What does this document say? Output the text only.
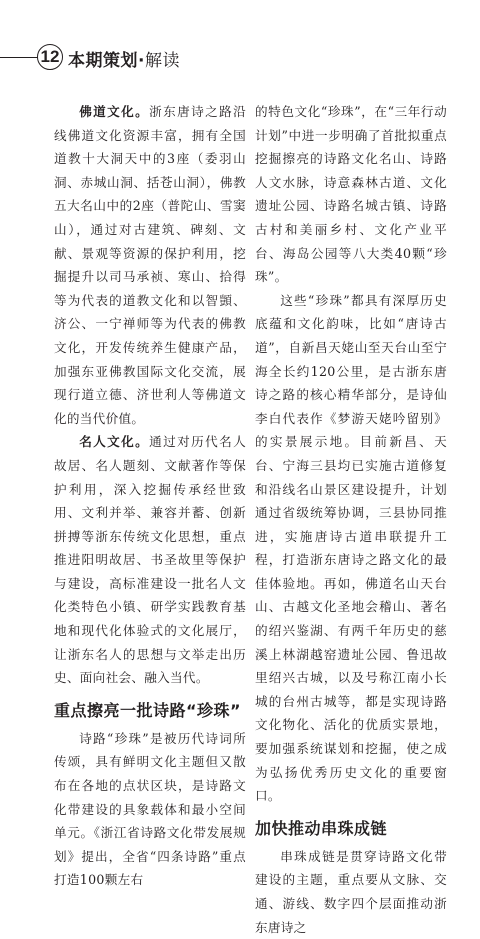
12 本期策划·解读

佛道文化。浙东唐诗之路沿线佛道文化资源丰富，拥有全国道教十大洞天中的3座（委羽山洞、赤城山洞、括苍山洞），佛教五大名山中的2座（普陀山、雪窦山），通过对古建筑、碑刻、文献、景观等资源的保护利用，挖掘提升以司马承祯、寒山、拾得等为代表的道教文化和以智顗、济公、一宁禅师等为代表的佛教文化，开发传统养生健康产品，加强东亚佛教国际文化交流，展现行道立德、济世利人等佛道文化的当代价值。

名人文化。通过对历代名人故居、名人题刻、文献著作等保护利用，深入挖掘传承经世致用、文利并举、兼容并蓄、创新拼搏等浙东传统文化思想，重点推进阳明故居、书圣故里等保护与建设，高标准建设一批名人文化类特色小镇、研学实践教育基地和现代化体验式的文化展厅，让浙东名人的思想与文举走出历史、面向社会、融入当代。

重点擦亮一批诗路“珍珠”

诗路“珍珠”是被历代诗词所传颂，具有鲜明文化主题但又散布在各地的点状区块，是诗路文化带建设的具象载体和最小空间单元。《浙江省诗路文化带发展规划》提出，全省“四条诗路”重点打造100颗左右

的特色文化“珍珠”，在“三年行动计划”中进一步明确了首批拟重点挖掘擦亮的诗路文化名山、诗路人文水脉，诗意森林古道、文化遗址公园、诗路名城古镇、诗路古村和美丽乡村、文化产业平台、海岛公园等八大类40颗“珍珠”。

这些“珍珠”都具有深厚历史底蕴和文化韵味，比如“唐诗古道”，自新昌天姥山至天台山至宁海全长约120公里，是古浙东唐诗之路的核心精华部分，是诗仙李白代表作《梦游天姥吟留别》的实景展示地。目前新昌、天台、宁海三县均已实施古道修复和沿线名山景区建设提升，计划通过省级统筹协调，三县协同推进，实施唐诗古道串联提升工程，打造浙东唐诗之路文化的最佳体验地。再如，佛道名山天台山、古越文化圣地会稽山、著名的绍兴鉴湖、有两千年历史的慈溪上林湖越窑遗址公园、鲁迅故里绍兴古城，以及号称江南小长城的台州古城等，都是实现诗路文化物化、活化的优质实景地，要加强系统谋划和挖掘，使之成为弘扬优秀历史文化的重要窗口。

加快推动串珠成链

串珠成链是贯穿诗路文化带建设的主题，重点要从文脉、交通、游线、数字四个层面推动浙东唐诗之
